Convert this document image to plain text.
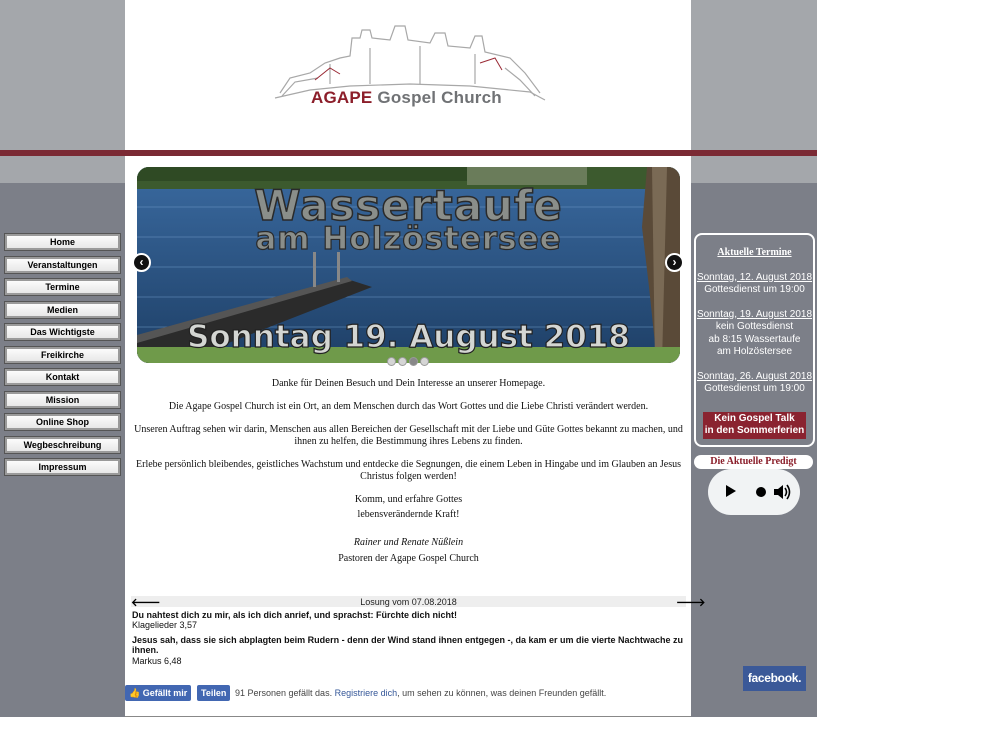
AGAPE Gospel Church
Wassertaufe
am Holzöstersee
Sonntag 19. August 2018
‹	›

Danke für Deinen Besuch und Dein Interesse an unserer Homepage.

Die Agape Gospel Church ist ein Ort, an dem Menschen durch das Wort Gottes und die Liebe Christi verändert werden.

Unseren Auftrag sehen wir darin, Menschen aus allen Bereichen der Gesellschaft mit der Liebe und Güte Gottes bekannt zu machen, und ihnen zu helfen, die Bestimmung ihres Lebens zu finden.

Erlebe persönlich bleibendes, geistliches Wachstum und entdecke die Segnungen, die einem Leben in Hingabe und im Glauben an Jesus Christus folgen werden!

Komm, und erfahre Gottes
lebensverändernde Kraft!
Rainer und Renate Nüßlein
Pastoren der Agape Gospel Church
Losung vom 07.08.2018
🡐	🡒
Du nahtest dich zu mir, als ich dich anrief, und sprachst: Fürchte dich nicht!
Klagelieder 3,57
Jesus sah, dass sie sich abplagten beim Rudern - denn der Wind stand ihnen entgegen -, da kam er um die vierte Nachtwache zu ihnen.
Markus 6,48
👍 Gefällt mir	Teilen 91 Personen gefällt das. Registriere dich, um sehen zu können, was deinen Freunden gefällt.
Home
Veranstaltungen
Termine
Medien
Das Wichtigste
Freikirche
Kontakt
Mission
Online Shop
Wegbeschreibung
Impressum
Aktuelle Termine
Sonntag, 12. August 2018
Gottesdienst um 19:00
Sonntag, 19. August 2018
kein Gottesdienst
ab 8:15 Wassertaufe
am Holzöstersee
Sonntag, 26. August 2018
Gottesdienst um 19:00
Kein Gospel Talk
in den Sommerferien
Die Aktuelle Predigt
facebook.
